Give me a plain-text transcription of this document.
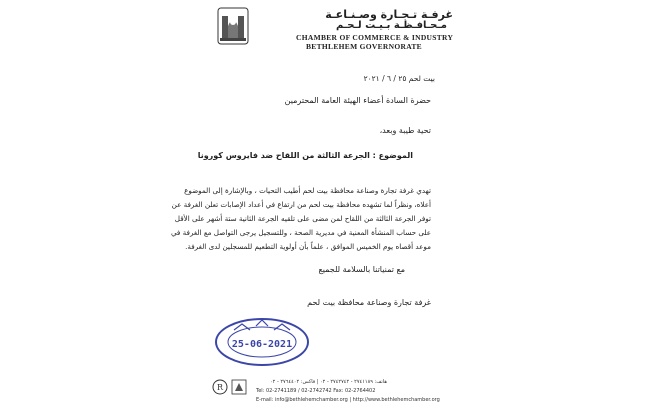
غرفـة تـجـارة وصـنـاعـة
مـحـافـظـة بـيـت لـحـم
CHAMBER OF COMMERCE & INDUSTRY
BETHLEHEM GOVERNORATE
بيت لحم ٢٥ / ٦ / ٢٠٢١
حضرة السادة أعضاء الهيئة العامة المحترمين
تحية طيبة وبعد،
الموضوع : الجرعة الثالثة من اللقاح ضد فايروس كورونا
تهدي غرفة تجارة وصناعة محافظة بيت لحم أطيب التحيات ، وبالإشارة إلى الموضوع
أعلاه، ونظراً لما تشهده محافظة بيت لحم من ارتفاع في أعداد الإصابات تعلن الغرفة عن
توفر الجرعة الثالثة من اللقاح لمن مضى على تلقيه الجرعة الثانية ستة أشهر على الأقل
على حساب المنشأة المعنية في مديرية الصحة ، وللتسجيل يرجى التواصل مع الغرفة في
موعد أقصاه يوم الخميس الموافق ، علماً بأن أولوية التطعيم للمسجلين لدى الغرفة.
مع تمنياتنا بالسلامة للجميع
غرفة تجارة وصناعة محافظة بيت لحم
25-06-2021
R
هاتف: ٢٧٤١١٨٩ - ٢٧٤٢٧٤٢ - ٠٢ | فاكس: ٢٧٦٤٤٠٢ - ٠٢
Tel: 02-2741189 / 02-2742742 Fax: 02-2764402
E-mail: info@bethlehemchamber.org | http://www.bethlehemchamber.org
